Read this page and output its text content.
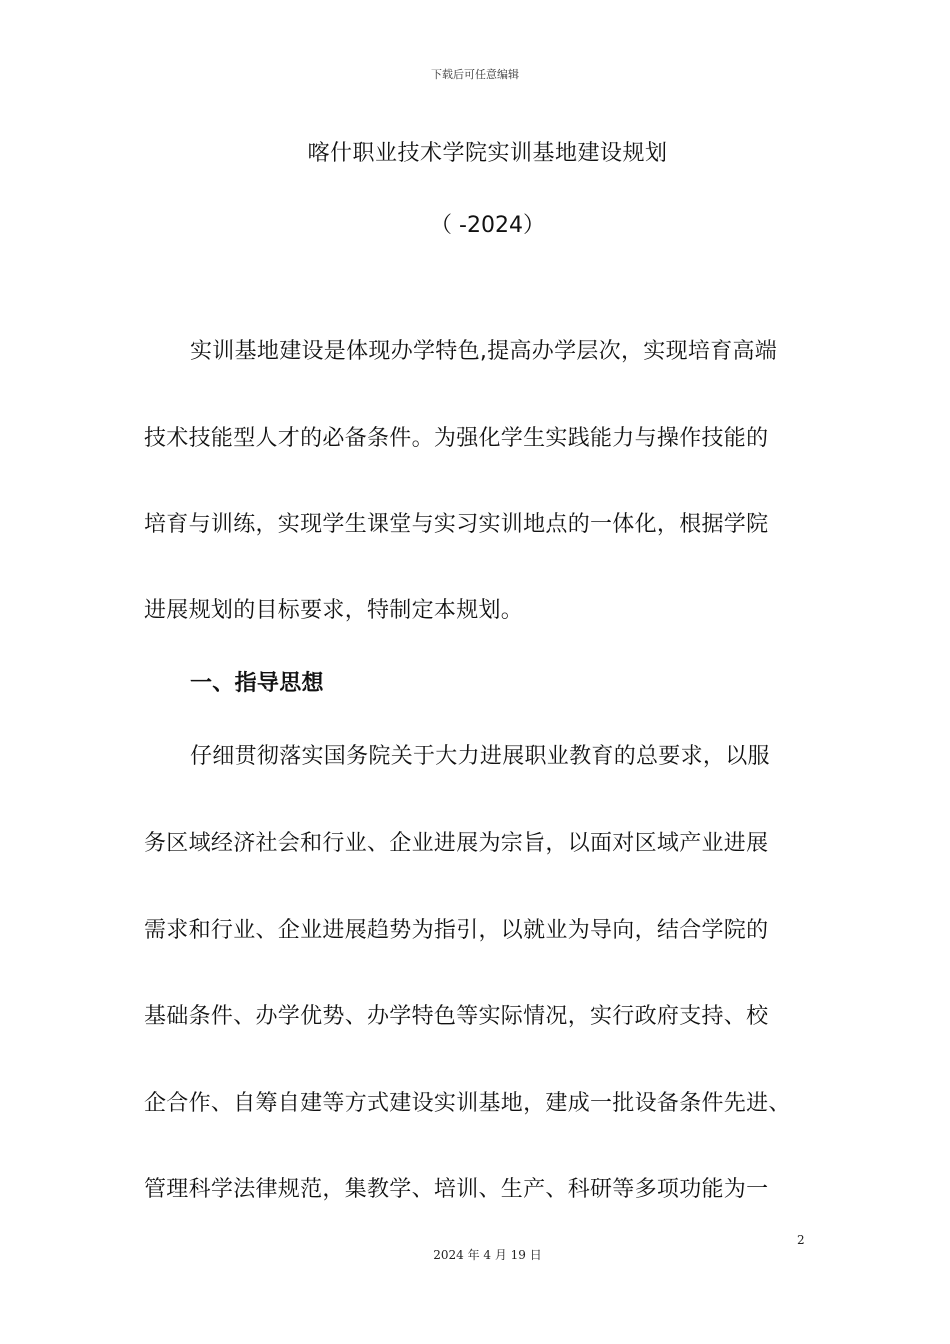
下载后可任意编辑
喀什职业技术学院实训基地建设规划
（ -2024）
实训基地建设是体现办学特色,提高办学层次，实现培育高端
技术技能型人才的必备条件。为强化学生实践能力与操作技能的
培育与训练，实现学生课堂与实习实训地点的一体化，根据学院
进展规划的目标要求，特制定本规划。
一、指导思想
仔细贯彻落实国务院关于大力进展职业教育的总要求，以服
务区域经济社会和行业、企业进展为宗旨，以面对区域产业进展
需求和行业、企业进展趋势为指引，以就业为导向，结合学院的
基础条件、办学优势、办学特色等实际情况，实行政府支持、校
企合作、自筹自建等方式建设实训基地，建成一批设备条件先进、
管理科学法律规范，集教学、培训、生产、科研等多项功能为一
2
2024 年 4 月 19 日
